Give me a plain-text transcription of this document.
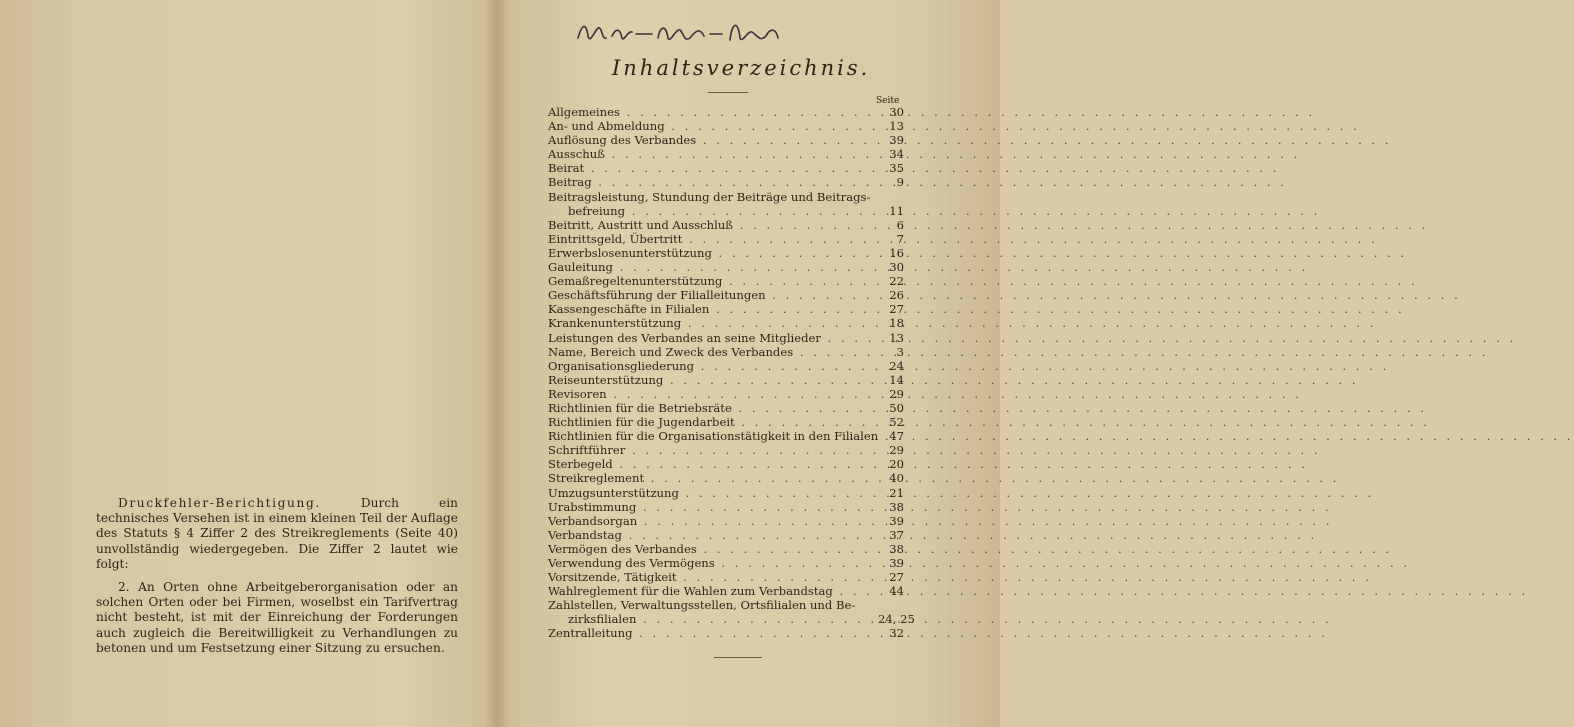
Druckfehler-Berichtigung.	Durch ein technisches Versehen ist in einem kleinen Teil der Auflage des Statuts § 4 Ziffer 2 des Streikreglements (Seite 40) unvollständig wiedergegeben. Die Ziffer 2 lautet wie folgt:

2. An Orten ohne Arbeitgeberorganisation oder an solchen Orten oder bei Firmen, woselbst ein Tarifvertrag nicht besteht, ist mit der Einreichung der Forderungen auch zugleich die Bereitwilligkeit zu Verhandlungen zu betonen und um Festsetzung einer Sitzung zu ersuchen.

Inhaltsverzeichnis.
Seite
Allgemeines . . .	30
An- und Abmeldung . . .	13
Auflösung des Verbandes . . .	39
Ausschuß . . .	34
Beirat . . .	35
Beitrag . . .	9
Beitragsleistung, Stundung der Beiträge und Beitrags-
befreiung . . .	11
Beitritt, Austritt und Ausschluß . . .	6
Eintrittsgeld, Übertritt . . .	7
Erwerbslosenunterstützung . . .	16
Gauleitung . . .	30
Gemaßregeltenunterstützung . . .	22
Geschäftsführung der Filialleitungen . . .	26
Kassengeschäfte in Filialen . . .	27
Krankenunterstützung . . .	18
Leistungen des Verbandes an seine Mitglieder . . .	13
Name, Bereich und Zweck des Verbandes . . .	3
Organisationsgliederung . . .	24
Reiseunterstützung . . .	14
Revisoren . . .	29
Richtlinien für die Betriebsräte . . .	50
Richtlinien für die Jugendarbeit . . .	52
Richtlinien für die Organisationstätigkeit in den Filialen . . . 47
Schriftführer . . .	29
Sterbegeld . . .	20
Streikreglement . . .	40
Umzugsunterstützung . . .	21
Urabstimmung . . .	38
Verbandsorgan . . .	39
Verbandstag . . .	37
Vermögen des Verbandes . . .	38
Verwendung des Vermögens . . .	39
Vorsitzende, Tätigkeit . . .	27
Wahlreglement für die Wahlen zum Verbandstag . . .	44
Zahlstellen, Verwaltungsstellen, Ortsfilialen und Be-
zirksfilialen . . .	24, 25
Zentralleitung . . .	32
